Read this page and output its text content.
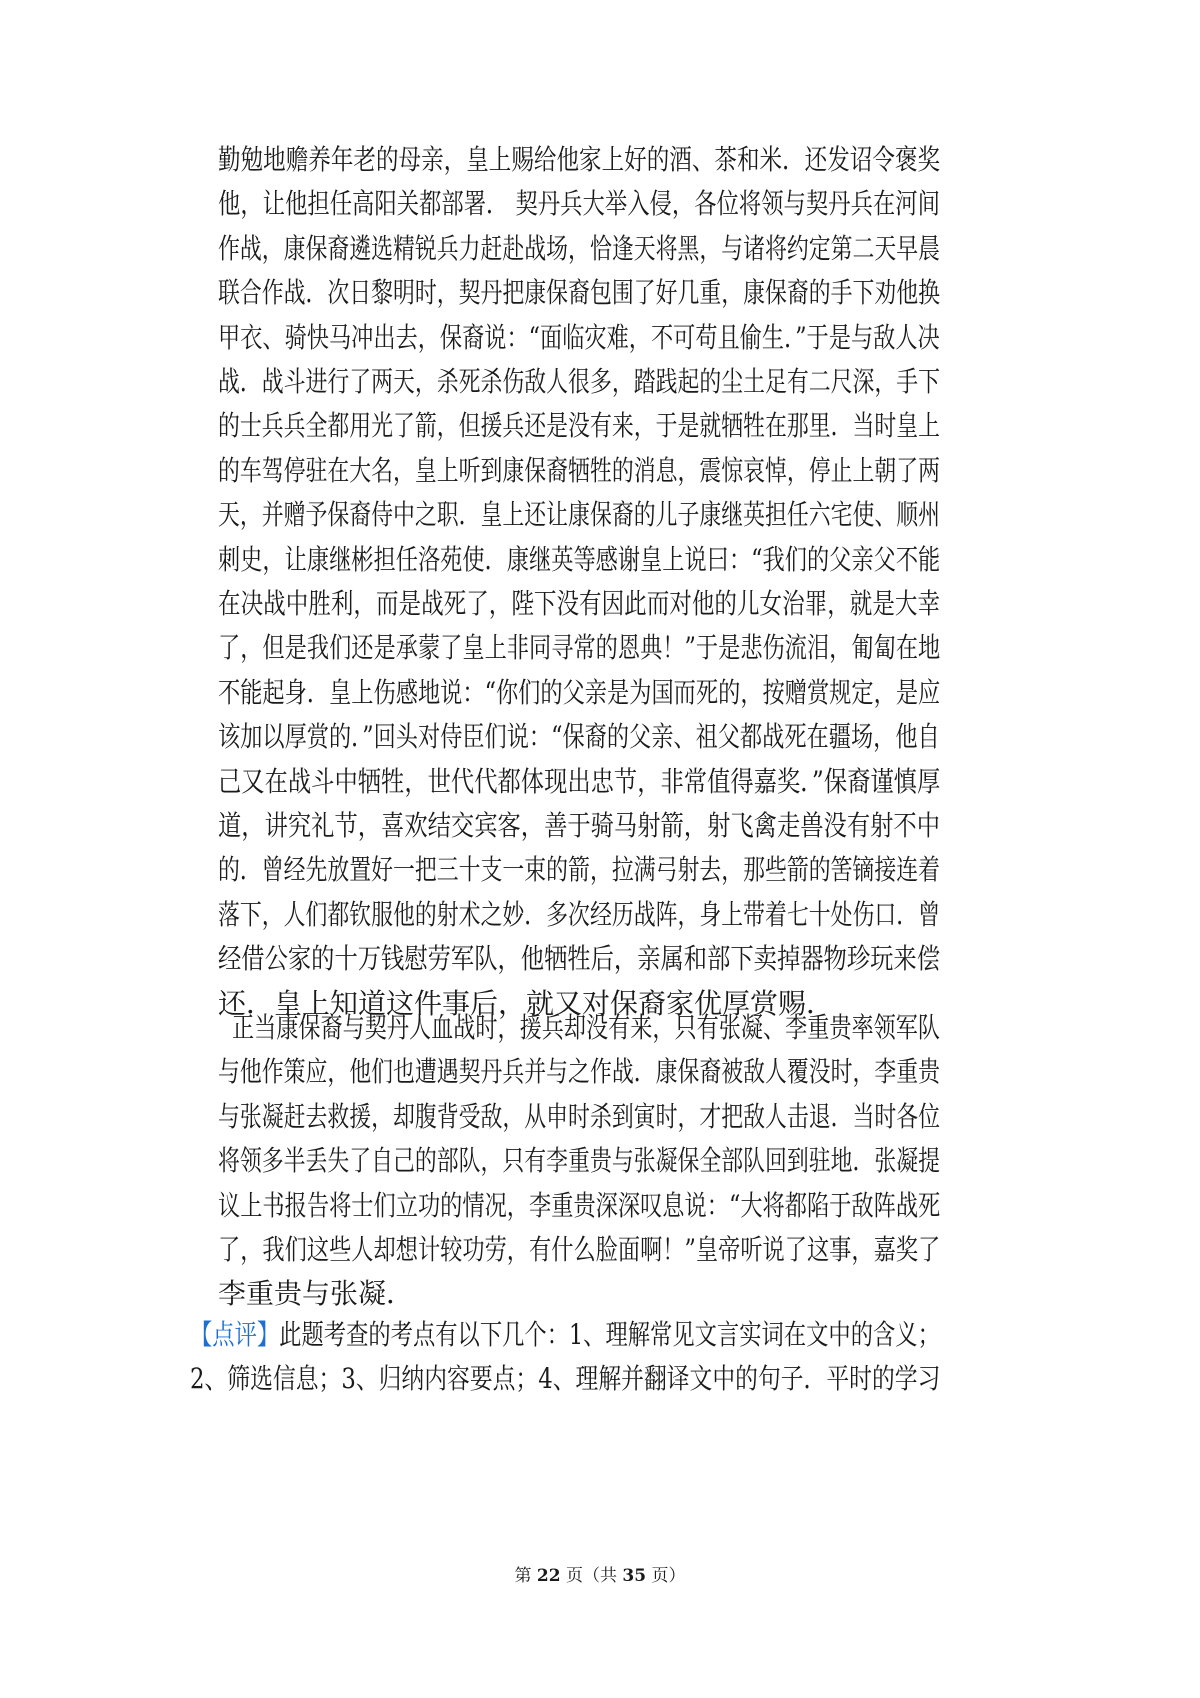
勤勉地赡养年老的母亲，皇上赐给他家上好的酒、茶和米．还发诏令褒奖
他，让他担任高阳关都部署． 契丹兵大举入侵，各位将领与契丹兵在河间
作战，康保裔遴选精锐兵力赶赴战场，恰逢天将黑，与诸将约定第二天早晨
联合作战．次日黎明时，契丹把康保裔包围了好几重，康保裔的手下劝他换
甲衣、骑快马冲出去，保裔说：“面临灾难，不可苟且偷生．”于是与敌人决
战．战斗进行了两天，杀死杀伤敌人很多，踏践起的尘土足有二尺深，手下
的士兵兵全都用光了箭，但援兵还是没有来，于是就牺牲在那里．当时皇上
的车驾停驻在大名，皇上听到康保裔牺牲的消息，震惊哀悼，停止上朝了两
天，并赠予保裔侍中之职．皇上还让康保裔的儿子康继英担任六宅使、顺州
刺史，让康继彬担任洛苑使．康继英等感谢皇上说曰：“我们的父亲父不能
在决战中胜利，而是战死了，陛下没有因此而对他的儿女治罪，就是大幸
了，但是我们还是承蒙了皇上非同寻常的恩典！”于是悲伤流泪，匍匐在地
不能起身．皇上伤感地说：“你们的父亲是为国而死的，按赠赏规定，是应
该加以厚赏的．”回头对侍臣们说：“保裔的父亲、祖父都战死在疆场，他自
己又在战斗中牺牲，世代代都体现出忠节，非常值得嘉奖．”保裔谨慎厚
道，讲究礼节，喜欢结交宾客，善于骑马射箭，射飞禽走兽没有射不中
的．曾经先放置好一把三十支一束的箭，拉满弓射去，那些箭的筈镝接连着
落下，人们都钦服他的射术之妙．多次经历战阵，身上带着七十处伤口．曾
经借公家的十万钱慰劳军队，他牺牲后，亲属和部下卖掉器物珍玩来偿
还．皇上知道这件事后，就又对保裔家优厚赏赐．
正当康保裔与契丹人血战时，援兵却没有来，只有张凝、李重贵率领军队
与他作策应，他们也遭遇契丹兵并与之作战．康保裔被敌人覆没时，李重贵
与张凝赶去救援，却腹背受敌，从申时杀到寅时，才把敌人击退．当时各位
将领多半丢失了自己的部队，只有李重贵与张凝保全部队回到驻地．张凝提
议上书报告将士们立功的情况，李重贵深深叹息说：“大将都陷于敌阵战死
了，我们这些人却想计较功劳，有什么脸面啊！”皇帝听说了这事，嘉奖了
李重贵与张凝．
【点评】此题考查的考点有以下几个：1、理解常见文言实词在文中的含义；
2、筛选信息；3、归纳内容要点；4、理解并翻译文中的句子．平时的学习
第 22 页（共 35 页）
